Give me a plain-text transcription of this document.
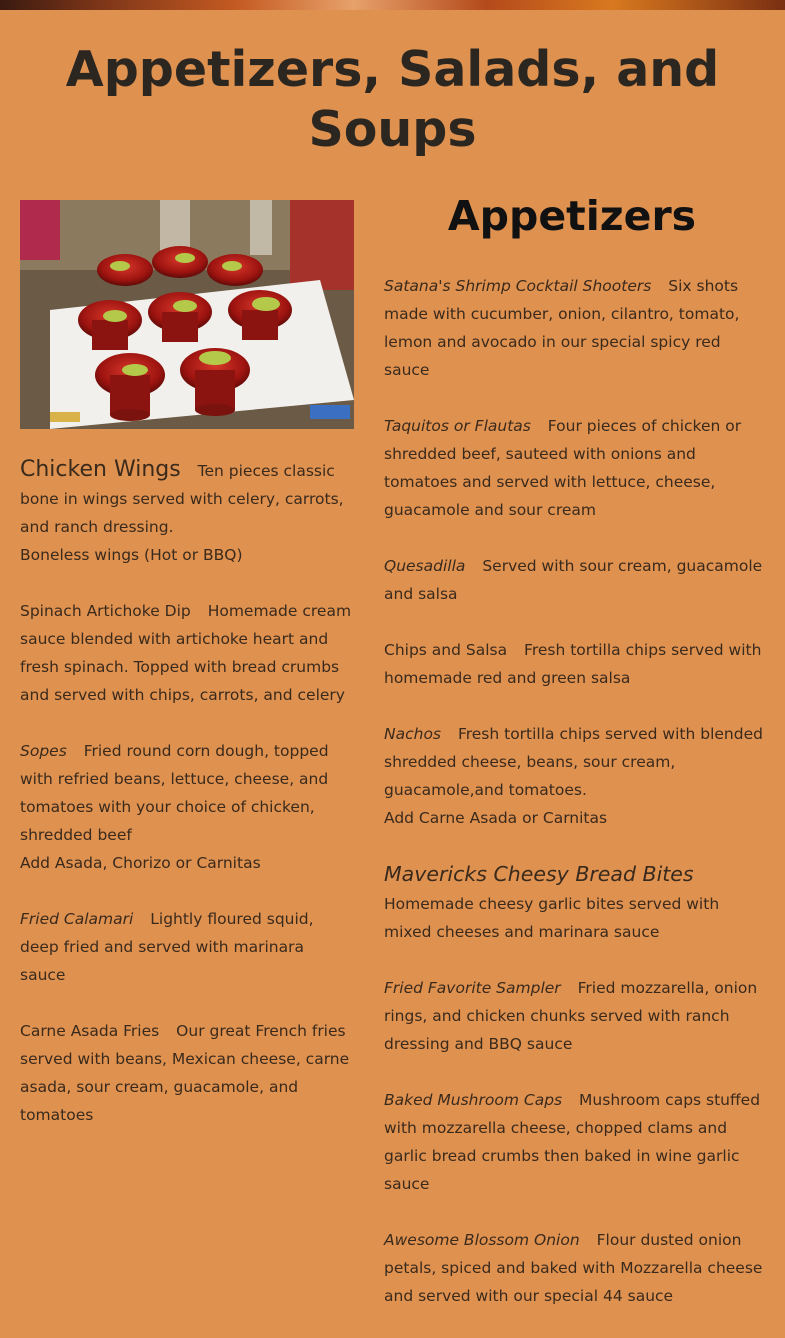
Appetizers, Salads, and
Soups
Chicken Wings Ten pieces classic bone in wings served with celery, carrots, and ranch dressing.
Boneless wings (Hot or BBQ)
Spinach Artichoke Dip Homemade cream sauce blended with artichoke heart and fresh spinach. Topped with bread crumbs and served with chips, carrots, and celery
Sopes Fried round corn dough, topped with refried beans, lettuce, cheese, and tomatoes with your choice of chicken, shredded beef
Add Asada, Chorizo or Carnitas
Fried Calamari Lightly floured squid, deep fried and served with marinara sauce
Carne Asada Fries Our great French fries served with beans, Mexican cheese, carne asada, sour cream, guacamole, and tomatoes
Appetizers
Satana's Shrimp Cocktail Shooters Six shots made with cucumber, onion, cilantro, tomato, lemon and avocado in our special spicy red sauce
Taquitos or Flautas Four pieces of chicken or shredded beef, sauteed with onions and tomatoes and served with lettuce, cheese, guacamole and sour cream
Quesadilla Served with sour cream, guacamole and salsa
Chips and Salsa Fresh tortilla chips served with homemade red and green salsa
Nachos Fresh tortilla chips served with blended shredded cheese, beans, sour cream, guacamole,and tomatoes.
Add Carne Asada or Carnitas
Mavericks Cheesy Bread Bites Homemade cheesy garlic bites served with mixed cheeses and marinara sauce
Fried Favorite Sampler Fried mozzarella, onion rings, and chicken chunks served with ranch dressing and BBQ sauce
Baked Mushroom Caps Mushroom caps stuffed with mozzarella cheese, chopped clams and garlic bread crumbs then baked in wine garlic sauce
Awesome Blossom Onion Flour dusted onion petals, spiced and baked with Mozzarella cheese and served with our special 44 sauce
